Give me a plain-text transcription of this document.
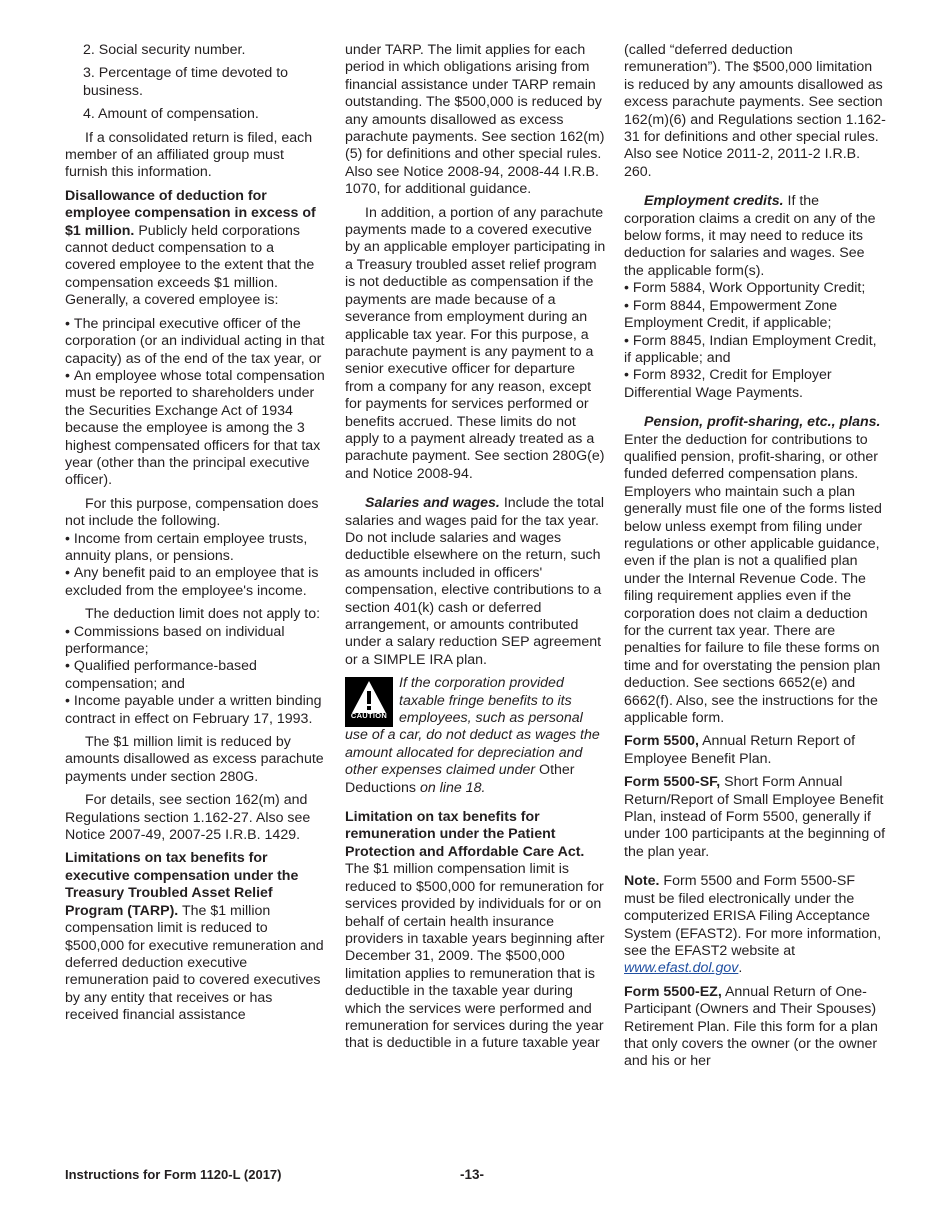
2. Social security number.

3. Percentage of time devoted to business.

4. Amount of compensation.

If a consolidated return is filed, each member of an affiliated group must furnish this information.

Disallowance of deduction for employee compensation in excess of $1 million. Publicly held corporations cannot deduct compensation to a covered employee to the extent that the compensation exceeds $1 million. Generally, a covered employee is:

• The principal executive officer of the corporation (or an individual acting in that capacity) as of the end of the tax year, or

• An employee whose total compensation must be reported to shareholders under the Securities Exchange Act of 1934 because the employee is among the 3 highest compensated officers for that tax year (other than the principal executive officer).

For this purpose, compensation does not include the following.

• Income from certain employee trusts, annuity plans, or pensions.

• Any benefit paid to an employee that is excluded from the employee's income.

The deduction limit does not apply to:

• Commissions based on individual performance;

• Qualified performance-based compensation; and

• Income payable under a written binding contract in effect on February 17, 1993.

The $1 million limit is reduced by amounts disallowed as excess parachute payments under section 280G.

For details, see section 162(m) and Regulations section 1.162-27. Also see Notice 2007-49, 2007-25 I.R.B. 1429.

Limitations on tax benefits for executive compensation under the Treasury Troubled Asset Relief Program (TARP). The $1 million compensation limit is reduced to $500,000 for executive remuneration and deferred deduction executive remuneration paid to covered executives by any entity that receives or has received financial assistance

under TARP. The limit applies for each period in which obligations arising from financial assistance under TARP remain outstanding. The $500,000 is reduced by any amounts disallowed as excess parachute payments. See section 162(m)(5) for definitions and other special rules. Also see Notice 2008-94, 2008-44 I.R.B. 1070, for additional guidance.

In addition, a portion of any parachute payments made to a covered executive by an applicable employer participating in a Treasury troubled asset relief program is not deductible as compensation if the payments are made because of a severance from employment during an applicable tax year. For this purpose, a parachute payment is any payment to a senior executive officer for departure from a company for any reason, except for payments for services performed or benefits accrued. These limits do not apply to a payment already treated as a parachute payment. See section 280G(e) and Notice 2008-94.

Salaries and wages. Include the total salaries and wages paid for the tax year. Do not include salaries and wages deductible elsewhere on the return, such as amounts included in officers' compensation, elective contributions to a section 401(k) cash or deferred arrangement, or amounts contributed under a salary reduction SEP agreement or a SIMPLE IRA plan.

CAUTION
If the corporation provided taxable fringe benefits to its employees, such as personal use of a car, do not deduct as wages the amount allocated for depreciation and other expenses claimed under Other Deductions on line 18.

Limitation on tax benefits for remuneration under the Patient Protection and Affordable Care Act. The $1 million compensation limit is reduced to $500,000 for remuneration for services provided by individuals for or on behalf of certain health insurance providers in taxable years beginning after December 31, 2009. The $500,000 limitation applies to remuneration that is deductible in the taxable year during which the services were performed and remuneration for services during the year that is deductible in a future taxable year

(called “deferred deduction remuneration”). The $500,000 limitation is reduced by any amounts disallowed as excess parachute payments. See section 162(m)(6) and Regulations section 1.162-31 for definitions and other special rules. Also see Notice 2011-2, 2011-2 I.R.B. 260.

Employment credits. If the corporation claims a credit on any of the below forms, it may need to reduce its deduction for salaries and wages. See the applicable form(s).

• Form 5884, Work Opportunity Credit;

• Form 8844, Empowerment Zone Employment Credit, if applicable;

• Form 8845, Indian Employment Credit, if applicable; and

• Form 8932, Credit for Employer Differential Wage Payments.

Pension, profit-sharing, etc., plans. Enter the deduction for contributions to qualified pension, profit-sharing, or other funded deferred compensation plans. Employers who maintain such a plan generally must file one of the forms listed below unless exempt from filing under regulations or other applicable guidance, even if the plan is not a qualified plan under the Internal Revenue Code. The filing requirement applies even if the corporation does not claim a deduction for the current tax year. There are penalties for failure to file these forms on time and for overstating the pension plan deduction. See sections 6652(e) and 6662(f). Also, see the instructions for the applicable form.

Form 5500, Annual Return Report of Employee Benefit Plan.

Form 5500-SF, Short Form Annual Return/Report of Small Employee Benefit Plan, instead of Form 5500, generally if under 100 participants at the beginning of the plan year.

Note. Form 5500 and Form 5500-SF must be filed electronically under the computerized ERISA Filing Acceptance System (EFAST2). For more information, see the EFAST2 website at www.efast.dol.gov.

Form 5500-EZ, Annual Return of One-Participant (Owners and Their Spouses) Retirement Plan. File this form for a plan that only covers the owner (or the owner and his or her

Instructions for Form 1120-L (2017)	-13-
